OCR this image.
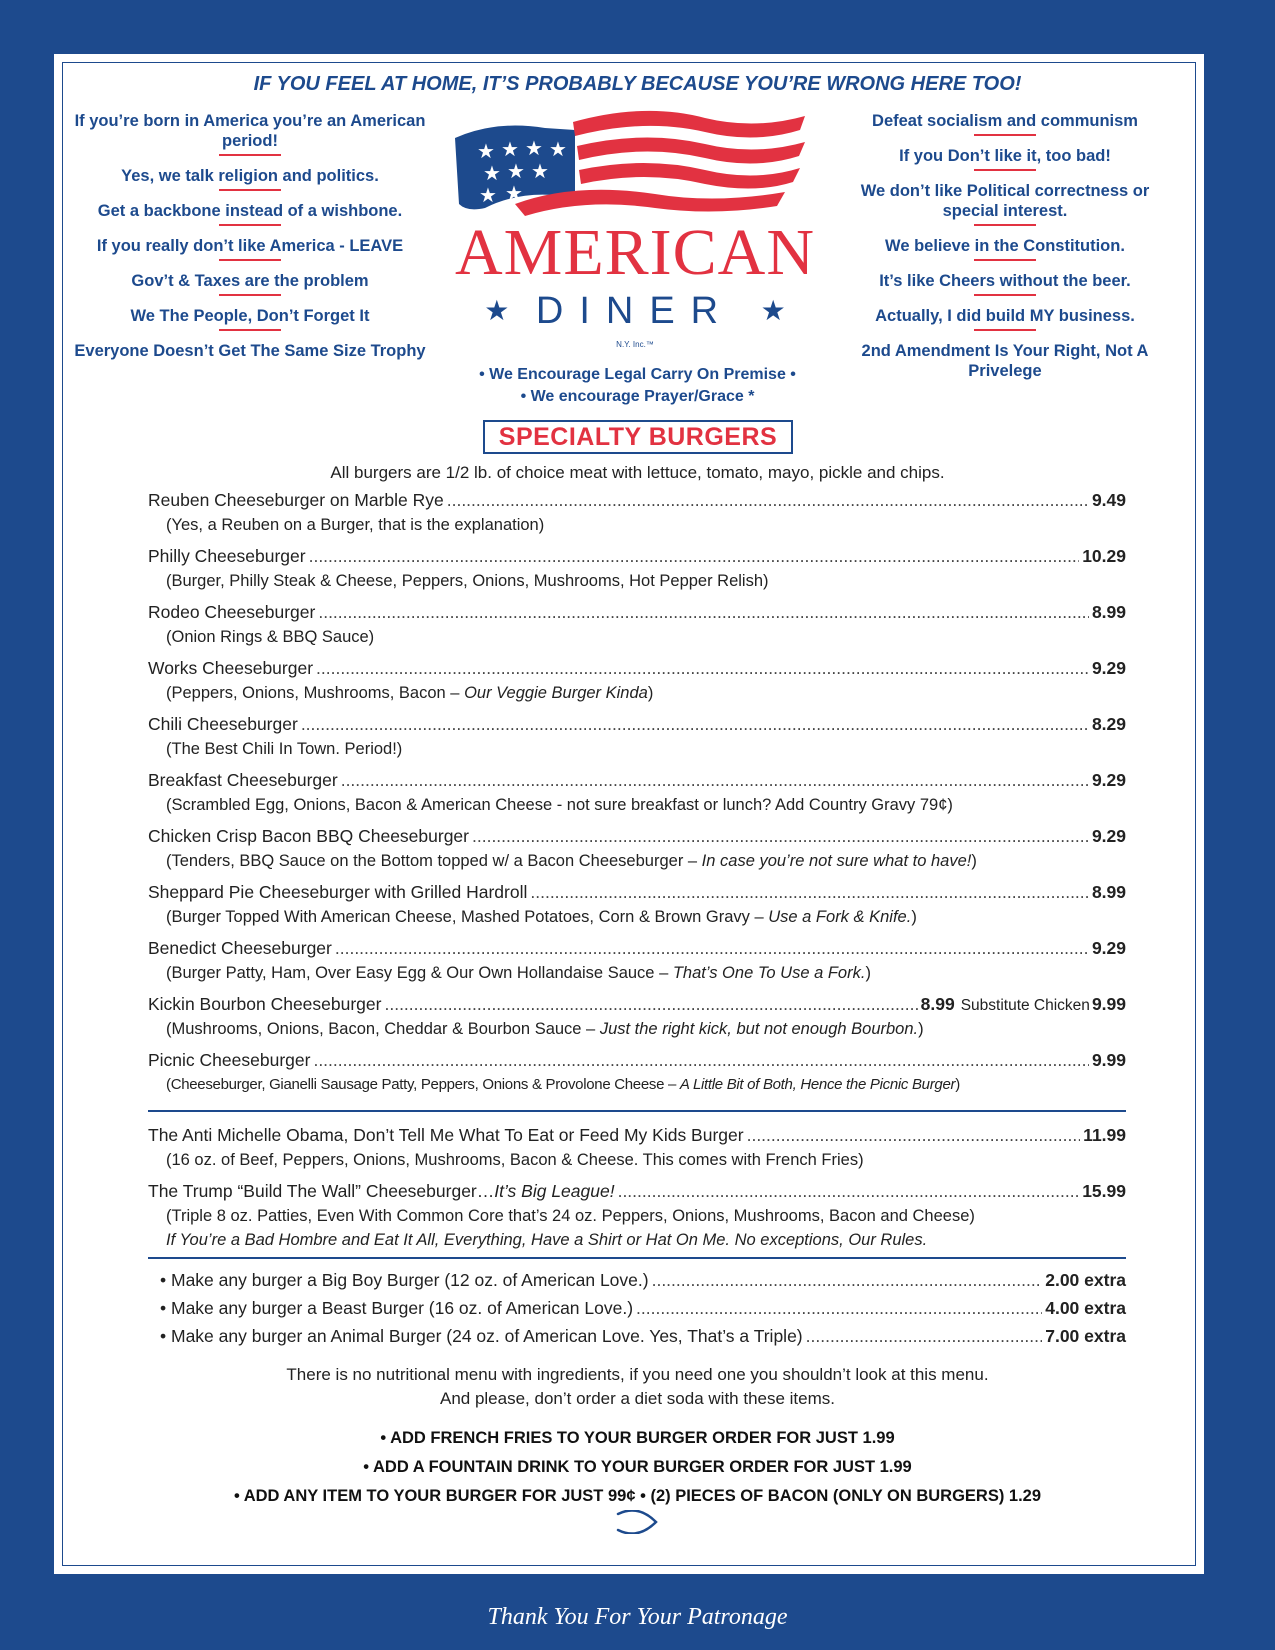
IF YOU FEEL AT HOME, IT’S PROBABLY BECAUSE YOU’RE WRONG HERE TOO!

If you’re born in America you’re an American period!

Yes, we talk religion and politics.

Get a backbone instead of a wishbone.

If you really don’t like America - LEAVE

Gov’t & Taxes are the problem

We The People, Don’t Forget It

Everyone Doesn’t Get The Same Size Trophy

Defeat socialism and communism

If you Don’t like it, too bad!

We don’t like Political correctness or special interest.

We believe in the Constitution.

It’s like Cheers without the beer.

Actually, I did build MY business.

2nd Amendment Is Your Right, Not A Privelege

★ ★ ★ ★
★ ★ ★
★ ★
AMERICAN
★ DINER ★
N.Y. Inc.™
• We Encourage Legal Carry On Premise •
• We encourage Prayer/Grace *
SPECIALTY BURGERS
All burgers are 1/2 lb. of choice meat with lettuce, tomato, mayo, pickle and chips.
Reuben Cheeseburger on Marble Rye .....	9.49
(Yes, a Reuben on a Burger, that is the explanation)
Philly Cheeseburger .....	10.29
(Burger, Philly Steak & Cheese, Peppers, Onions, Mushrooms, Hot Pepper Relish)
Rodeo Cheeseburger .....	8.99
(Onion Rings & BBQ Sauce)
Works Cheeseburger .....	9.29
(Peppers, Onions, Mushrooms, Bacon – Our Veggie Burger Kinda)
Chili Cheeseburger .....	8.29
(The Best Chili In Town. Period!)
Breakfast Cheeseburger .....	9.29
(Scrambled Egg, Onions, Bacon & American Cheese - not sure breakfast or lunch? Add Country Gravy 79¢)
Chicken Crisp Bacon BBQ Cheeseburger .....	9.29
(Tenders, BBQ Sauce on the Bottom topped w/ a Bacon Cheeseburger – In case you’re not sure what to have!)
Sheppard Pie Cheeseburger with Grilled Hardroll .....	8.99
(Burger Topped With American Cheese, Mashed Potatoes, Corn & Brown Gravy – Use a Fork & Knife.)
Benedict Cheeseburger .....	9.29
(Burger Patty, Ham, Over Easy Egg & Our Own Hollandaise Sauce – That’s One To Use a Fork.)
Kickin Bourbon Cheeseburger .....	8.99 Substitute Chicken 9.99
(Mushrooms, Onions, Bacon, Cheddar & Bourbon Sauce – Just the right kick, but not enough Bourbon.)
Picnic Cheeseburger .....	9.99
(Cheeseburger, Gianelli Sausage Patty, Peppers, Onions & Provolone Cheese – A Little Bit of Both, Hence the Picnic Burger)
The Anti Michelle Obama, Don’t Tell Me What To Eat or Feed My Kids Burger .....	11.99
(16 oz. of Beef, Peppers, Onions, Mushrooms, Bacon & Cheese. This comes with French Fries)
The Trump “Build The Wall” Cheeseburger…It’s Big League! .....	15.99
(Triple 8 oz. Patties, Even With Common Core that’s 24 oz. Peppers, Onions, Mushrooms, Bacon and Cheese)
If You’re a Bad Hombre and Eat It All, Everything, Have a Shirt or Hat On Me. No exceptions, Our Rules.
• Make any burger a Big Boy Burger (12 oz. of American Love.) .....	2.00 extra
• Make any burger a Beast Burger (16 oz. of American Love.) .....	4.00 extra
• Make any burger an Animal Burger (24 oz. of American Love. Yes, That’s a Triple) .....	7.00 extra
There is no nutritional menu with ingredients, if you need one you shouldn’t look at this menu.
And please, don’t order a diet soda with these items.
• ADD FRENCH FRIES TO YOUR BURGER ORDER FOR JUST 1.99
• ADD A FOUNTAIN DRINK TO YOUR BURGER ORDER FOR JUST 1.99
• ADD ANY ITEM TO YOUR BURGER FOR JUST 99¢ • (2) PIECES OF BACON (ONLY ON BURGERS) 1.29
Thank You For Your Patronage
